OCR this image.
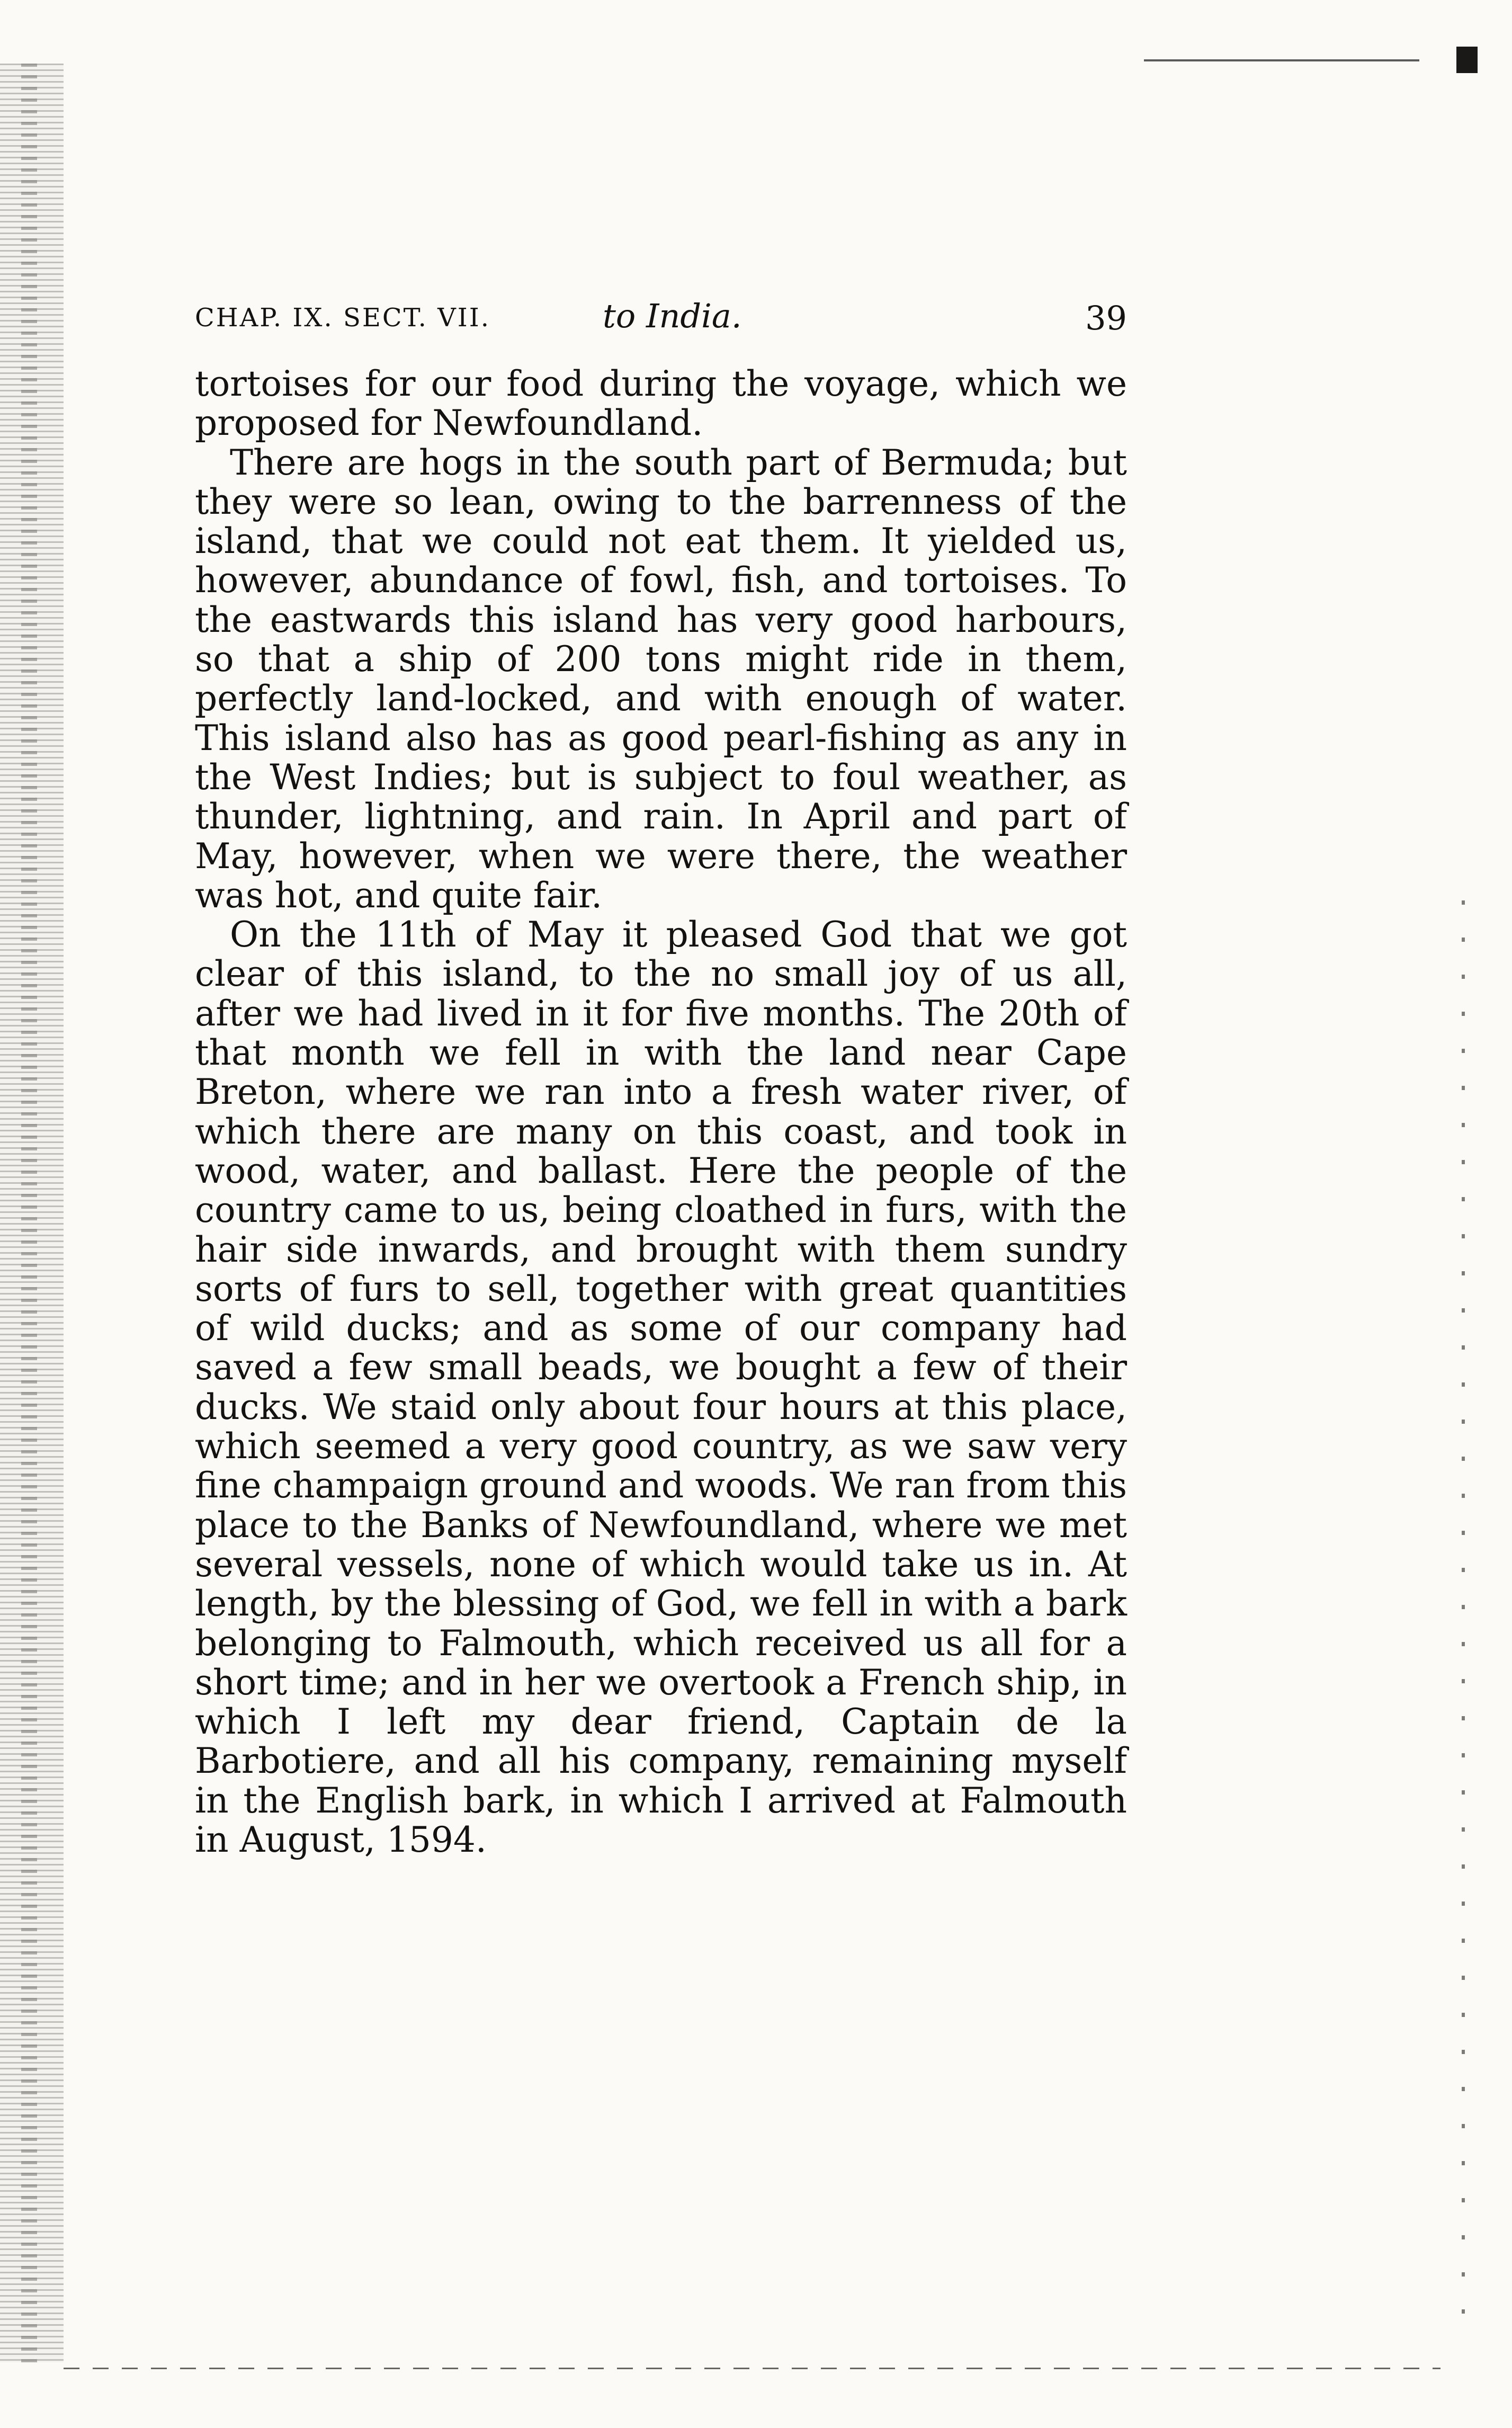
CHAP. IX. SECT. VII.	to India.	39

tortoises for our food during the voyage, which we proposed for Newfoundland.

There are hogs in the south part of Bermuda; but they were so lean, owing to the barrenness of the island, that we could not eat them. It yielded us, however, abundance of fowl, fish, and tortoises. To the eastwards this island has very good harbours, so that a ship of 200 tons might ride in them, perfectly land-locked, and with enough of water. This island also has as good pearl-fishing as any in the West Indies; but is subject to foul weather, as thunder, lightning, and rain. In April and part of May, however, when we were there, the weather was hot, and quite fair.

On the 11th of May it pleased God that we got clear of this island, to the no small joy of us all, after we had lived in it for five months. The 20th of that month we fell in with the land near Cape Breton, where we ran into a fresh water river, of which there are many on this coast, and took in wood, water, and ballast. Here the people of the country came to us, being cloathed in furs, with the hair side inwards, and brought with them sundry sorts of furs to sell, together with great quantities of wild ducks; and as some of our company had saved a few small beads, we bought a few of their ducks. We staid only about four hours at this place, which seemed a very good country, as we saw very fine champaign ground and woods. We ran from this place to the Banks of Newfoundland, where we met several vessels, none of which would take us in. At length, by the blessing of God, we fell in with a bark belonging to Falmouth, which received us all for a short time; and in her we overtook a French ship, in which I left my dear friend, Captain de la Barbotiere, and all his company, remaining myself in the English bark, in which I arrived at Falmouth in August, 1594.
